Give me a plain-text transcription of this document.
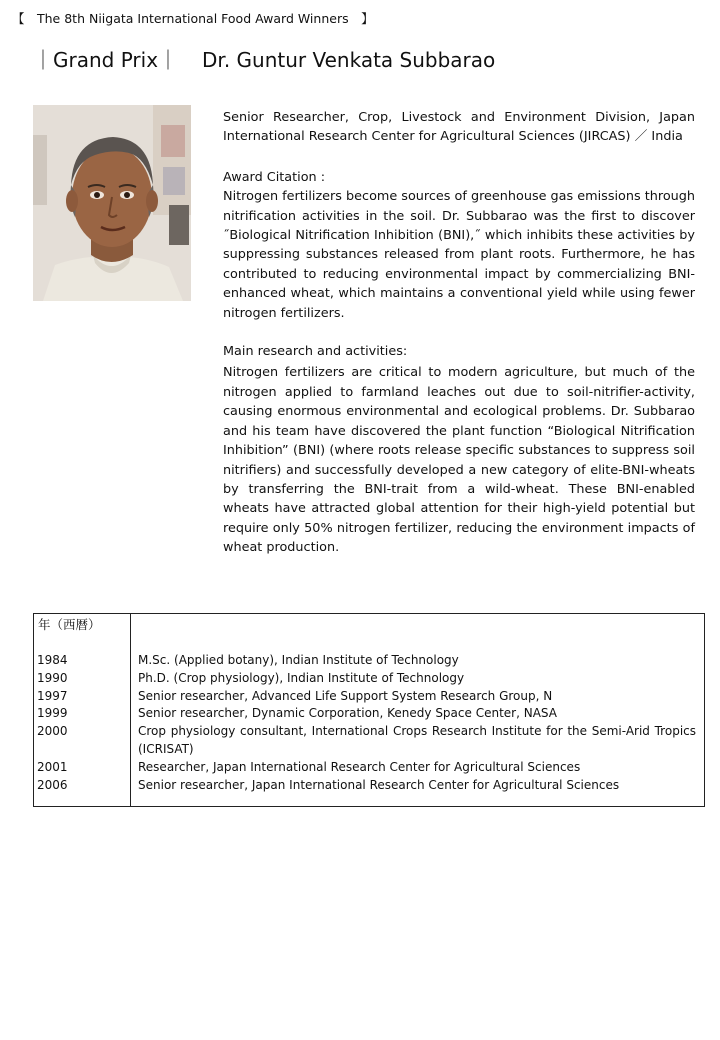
【　The 8th Niigata International Food Award Winners　】
｜Grand Prix｜ Dr. Guntur Venkata Subbarao

Senior Researcher, Crop, Livestock and Environment Division, Japan International Research Center for Agricultural Sciences (JIRCAS) ／ India

Award Citation :

Nitrogen fertilizers become sources of greenhouse gas emissions through nitrification activities in the soil. Dr. Subbarao was the first to discover ˝Biological Nitrification Inhibition (BNI),˝ which inhibits these activities by suppressing substances released from plant roots. Furthermore, he has contributed to reducing environmental impact by commercializing BNI-enhanced wheat, which maintains a conventional yield while using fewer nitrogen fertilizers.

Main research and activities:

Nitrogen fertilizers are critical to modern agriculture, but much of the nitrogen applied to farmland leaches out due to soil-nitrifier-activity, causing enormous environmental and ecological problems. Dr. Subbarao and his team have discovered the plant function “Biological Nitrification Inhibition” (BNI) (where roots release specific substances to suppress soil nitrifiers) and successfully developed a new category of elite-BNI-wheats by transferring the BNI-trait from a wild-wheat. These BNI-enabled wheats have attracted global attention for their high-yield potential but require only 50% nitrogen fertilizer, reducing the environment impacts of wheat production.

年（西暦）
1984	M.Sc. (Applied botany), Indian Institute of Technology
1990	Ph.D. (Crop physiology), Indian Institute of Technology
1997	Senior researcher, Advanced Life Support System Research Group, N
1999	Senior researcher, Dynamic Corporation, Kenedy Space Center, NASA
2000	Crop physiology consultant, International Crops Research Institute for the Semi-Arid Tropics (ICRISAT)
2001	Researcher, Japan International Research Center for Agricultural Sciences
2006	Senior researcher, Japan International Research Center for Agricultural Sciences
